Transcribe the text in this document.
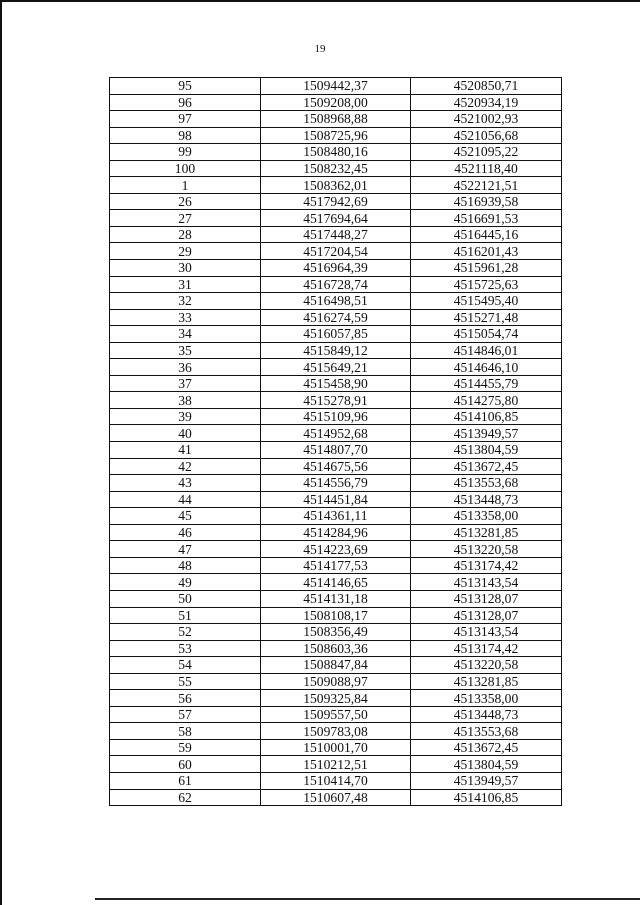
19
95	1509442,37	4520850,71
96	1509208,00	4520934,19
97	1508968,88	4521002,93
98	1508725,96	4521056,68
99	1508480,16	4521095,22
100	1508232,45	4521118,40
1	1508362,01	4522121,51
26	4517942,69	4516939,58
27	4517694,64	4516691,53
28	4517448,27	4516445,16
29	4517204,54	4516201,43
30	4516964,39	4515961,28
31	4516728,74	4515725,63
32	4516498,51	4515495,40
33	4516274,59	4515271,48
34	4516057,85	4515054,74
35	4515849,12	4514846,01
36	4515649,21	4514646,10
37	4515458,90	4514455,79
38	4515278,91	4514275,80
39	4515109,96	4514106,85
40	4514952,68	4513949,57
41	4514807,70	4513804,59
42	4514675,56	4513672,45
43	4514556,79	4513553,68
44	4514451,84	4513448,73
45	4514361,11	4513358,00
46	4514284,96	4513281,85
47	4514223,69	4513220,58
48	4514177,53	4513174,42
49	4514146,65	4513143,54
50	4514131,18	4513128,07
51	1508108,17	4513128,07
52	1508356,49	4513143,54
53	1508603,36	4513174,42
54	1508847,84	4513220,58
55	1509088,97	4513281,85
56	1509325,84	4513358,00
57	1509557,50	4513448,73
58	1509783,08	4513553,68
59	1510001,70	4513672,45
60	1510212,51	4513804,59
61	1510414,70	4513949,57
62	1510607,48	4514106,85
